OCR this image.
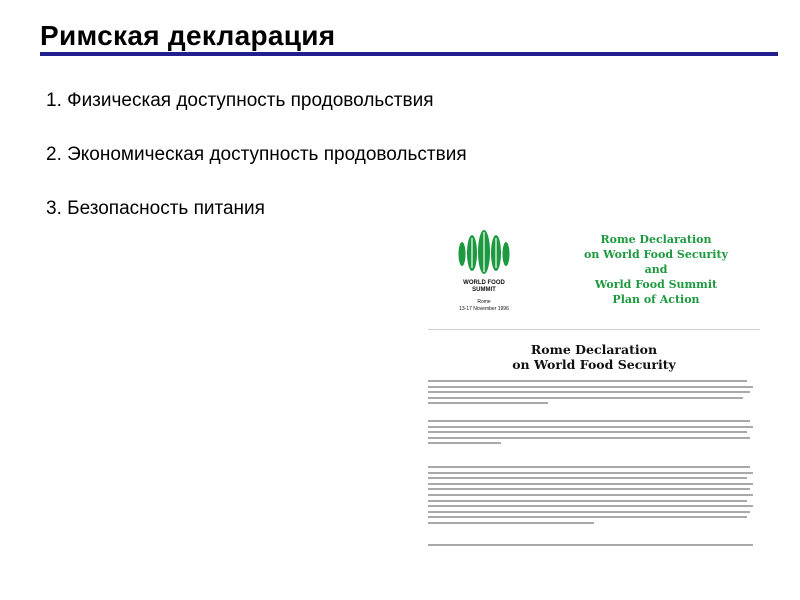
Римская декларация
1. Физическая доступность продовольствия
2. Экономическая доступность продовольствия
3. Безопасность питания
WORLD FOOD
SUMMIT
Rome
13-17 November 1996
Rome Declaration
on World Food Security
and
World Food Summit
Plan of Action
Rome Declaration
on World Food Security
